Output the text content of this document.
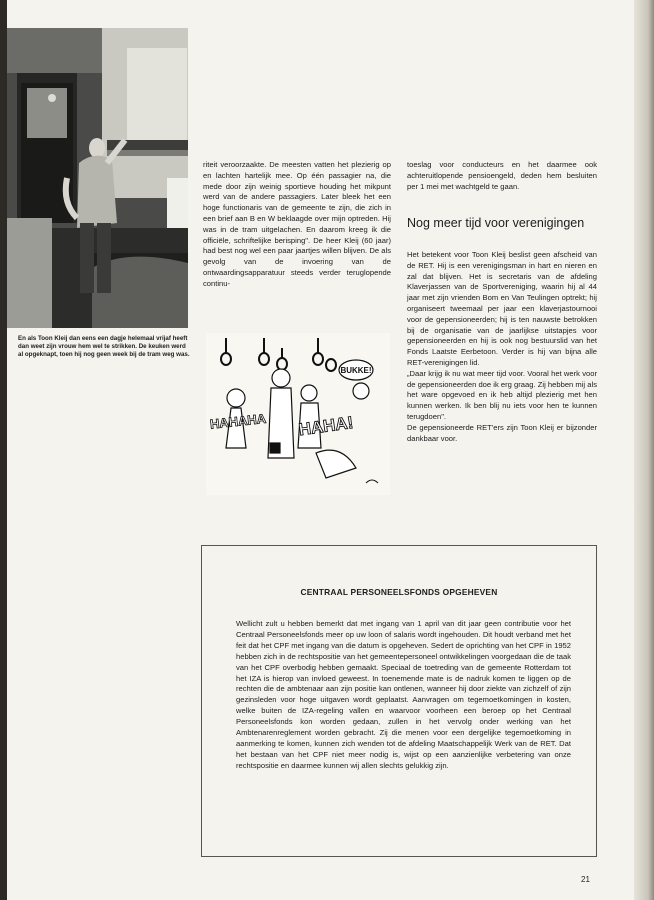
En als Toon Kleij dan eens een dagje helemaal vrijaf heeft dan weet zijn vrouw hem wel te strikken. De keuken werd al opgeknapt, toen hij nog geen week bij de tram weg was.

riteit veroorzaakte. De meesten vatten het plezierig op en lachten hartelijk mee. Op één passagier na, die mede door zijn weinig sportieve houding het mikpunt werd van de andere passagiers. Later bleek het een hoge functionaris van de gemeente te zijn, die zich in een brief aan B en W beklaagde over mijn optreden. Hij was in de tram uitgelachen. En daarom kreeg ik die officiële, schriftelijke berisping". De heer Kleij (60 jaar) had best nog wel een paar jaartjes willen blijven. De als gevolg van de invoering van de ontwaardingsapparatuur steeds verder teruglopende continu-

BUKKE!
HAHAHA HAHA!

toeslag voor conducteurs en het daarmee ook achteruitlopende pensioengeld, deden hem besluiten per 1 mei met wachtgeld te gaan.

Nog meer tijd voor verenigingen

Het betekent voor Toon Kleij beslist geen afscheid van de RET. Hij is een verenigingsman in hart en nieren en zal dat blijven. Het is secretaris van de afdeling Klaverjassen van de Sportvereniging, waarin hij al 44 jaar met zijn vrienden Bom en Van Teulingen optrekt; hij organiseert tweemaal per jaar een klaverjastournooi voor de gepensioneerden; hij is ten nauwste betrokken bij de organisatie van de jaarlijkse uitstapjes voor gepensioneerden en hij is ook nog bestuurslid van het Fonds Laatste Eerbetoon. Verder is hij van bijna alle RET-verenigingen lid.

„Daar krijg ik nu wat meer tijd voor. Vooral het werk voor de gepensioneerden doe ik erg graag. Zij hebben mij als het ware opgevoed en ik heb altijd plezierig met hen kunnen werken. Ik ben blij nu iets voor hen te kunnen terugdoen".

De gepensioneerde RET'ers zijn Toon Kleij er bijzonder dankbaar voor.

CENTRAAL PERSONEELSFONDS OPGEHEVEN

Wellicht zult u hebben bemerkt dat met ingang van 1 april van dit jaar geen contributie voor het Centraal Personeelsfonds meer op uw loon of salaris wordt ingehouden. Dit houdt verband met het feit dat het CPF met ingang van die datum is opgeheven. Sedert de oprichting van het CPF in 1952 hebben zich in de rechtspositie van het gemeentepersoneel ontwikkelingen voorgedaan die de taak van het CPF overbodig hebben gemaakt. Speciaal de toetreding van de gemeente Rotterdam tot het IZA is hierop van invloed geweest. In toenemende mate is de nadruk komen te liggen op de rechten die de ambtenaar aan zijn positie kan ontlenen, wanneer hij door ziekte van zichzelf of zijn gezinsleden voor hoge uitgaven wordt geplaatst. Aanvragen om tegemoetkomingen in kosten, welke buiten de IZA-regeling vallen en waarvoor voorheen een beroep op het Centraal Personeelsfonds kon worden gedaan, zullen in het vervolg onder werking van het Ambtenarenreglement worden gebracht. Zij die menen voor een dergelijke tegemoetkoming in aanmerking te komen, kunnen zich wenden tot de afdeling Maatschappelijk Werk van de RET. Dat het bestaan van het CPF niet meer nodig is, wijst op een aanzienlijke verbetering van onze rechtspositie en daarmee kunnen wij allen slechts gelukkig zijn.

21
